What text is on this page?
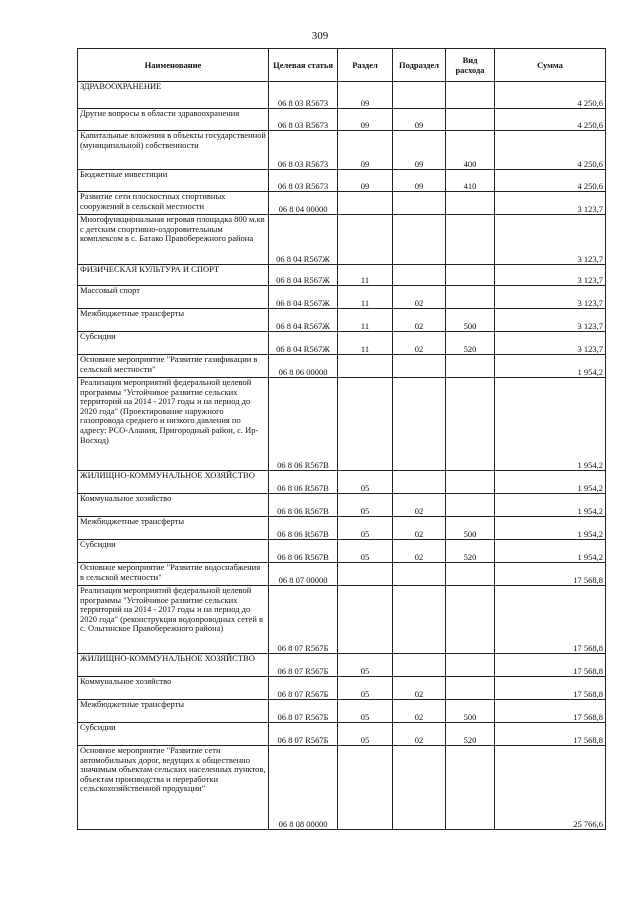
309
Наименование	Целевая статья	Раздел	Подраздел	Вид расхода	Сумма
ЗДРАВООХРАНЕНИЕ	06 8 03 R5673	09			4 250,6
Другие вопросы в области здравоохранения	06 8 03 R5673	09	09		4 250,6
Капитальные вложения в объекты государственной (муниципальной) собственности	06 8 03 R5673	09	09	400	4 250,6
Бюджетные инвестиции	06 8 03 R5673	09	09	410	4 250,6
Развитие сети плоскостных спортивных сооружений в сельской местности	06 8 04 00000				3 123,7
Многофункциональная игровая площадка 800 м.кв с детским спортивно-оздоровительным комплексом в с. Батако Правобережного района	06 8 04 R567Ж				3 123,7
ФИЗИЧЕСКАЯ КУЛЬТУРА И СПОРТ	06 8 04 R567Ж	11			3 123,7
Массовый спорт	06 8 04 R567Ж	11	02		3 123,7
Межбюджетные трансферты	06 8 04 R567Ж	11	02	500	3 123,7
Субсидии	06 8 04 R567Ж	11	02	520	3 123,7
Основное мероприятие "Развитие газификации в сельской местности"	06 8 06 00000				1 954,2
Реализация мероприятий федеральной целевой программы "Устойчивое развитие сельских территорий на 2014 - 2017 годы и на период до 2020 года" (Проектирование наружного газопровода среднего и низкого давления по адресу: РСО-Алания, Пригородный район, с. Ир-Восход)	06 8 06 R567В				1 954,2
ЖИЛИЩНО-КОММУНАЛЬНОЕ ХОЗЯЙСТВО	06 8 06 R567В	05			1 954,2
Коммунальное хозяйство	06 8 06 R567В	05	02		1 954,2
Межбюджетные трансферты	06 8 06 R567В	05	02	500	1 954,2
Субсидии	06 8 06 R567В	05	02	520	1 954,2
Основное мероприятие "Развитие водоснабжения в сельской местности"	06 8 07 00000				17 568,8
Реализация мероприятий федеральной целевой программы "Устойчивое развитие сельских территорий на 2014 - 2017 годы и на период до 2020 года" (реконструкция водопроводных сетей в с. Ольгинское Правобережного района)	06 8 07 R567Б				17 568,8
ЖИЛИЩНО-КОММУНАЛЬНОЕ ХОЗЯЙСТВО	06 8 07 R567Б	05			17 568,8
Коммунальное хозяйство	06 8 07 R567Б	05	02		17 568,8
Межбюджетные трансферты	06 8 07 R567Б	05	02	500	17 568,8
Субсидии	06 8 07 R567Б	05	02	520	17 568,8
Основное мероприятие "Развитие сети автомобильных дорог, ведущих к общественно значимым объектам сельских населенных пунктов, объектам производства и переработки сельскохозяйственной продукции"	06 8 08 00000				25 766,6
